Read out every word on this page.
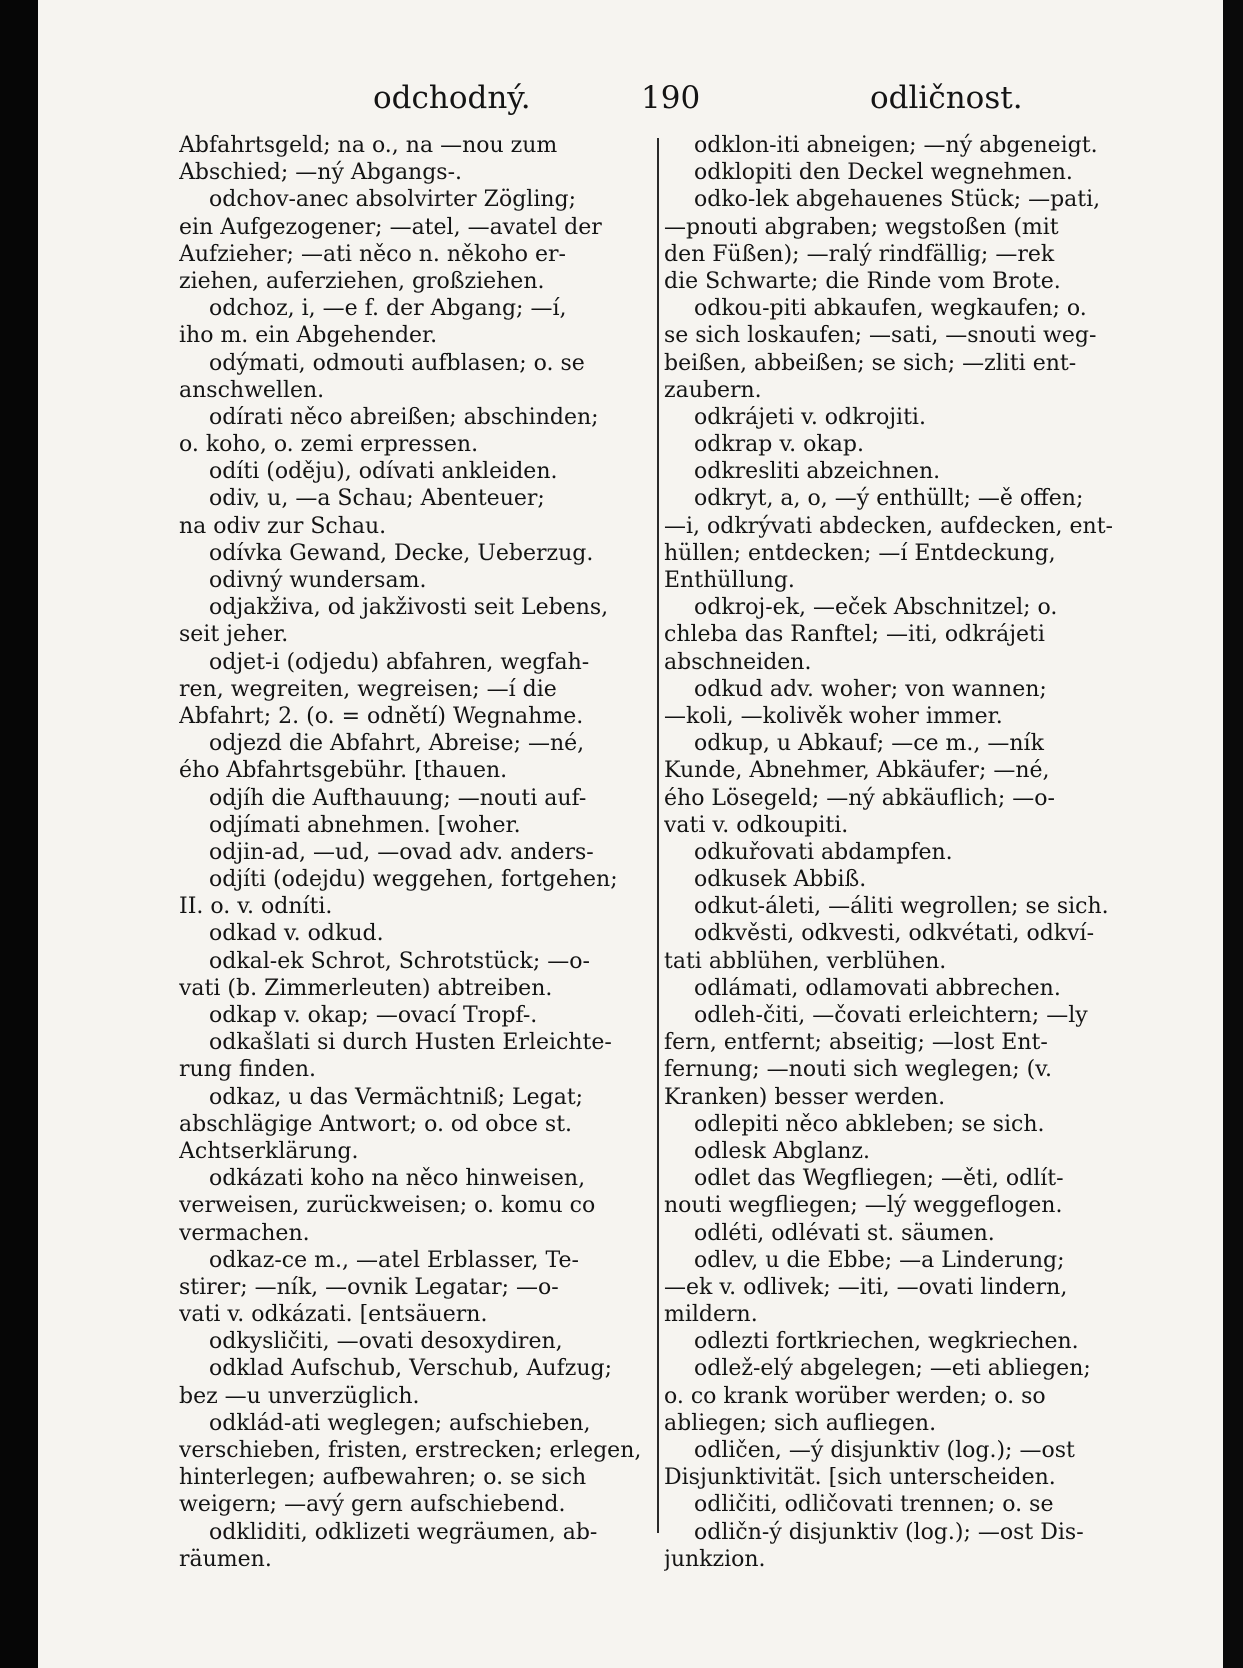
odchodný.	190	odličnost.
Abfahrtsgeld; na o., na —nou zum
Abschied; —ný Abgangs-.
odchov-anec absolvirter Zögling;
ein Aufgezogener; —atel, —avatel der
Aufzieher; —ati něco n. někoho er-
ziehen, auferziehen, großziehen.
odchoz, i, —e f. der Abgang; —í,
iho m. ein Abgehender.
odýmati, odmouti aufblasen; o. se
anschwellen.
odírati něco abreißen; abschinden;
o. koho, o. zemi erpressen.
odíti (oděju), odívati ankleiden.
odiv, u, —a Schau; Abenteuer;
na odiv zur Schau.
odívka Gewand, Decke, Ueberzug.
odivný wundersam.
odjakživa, od jakživosti seit Lebens,
seit jeher.
odjet-i (odjedu) abfahren, wegfah-
ren, wegreiten, wegreisen; —í die
Abfahrt; 2. (o. = odnětí) Wegnahme.
odjezd die Abfahrt, Abreise; —né,
ého Abfahrtsgebühr. [thauen.
odjíh die Aufthauung; —nouti auf-
odjímati abnehmen. [woher.
odjin-ad, —ud, —ovad adv. anders-
odjíti (odejdu) weggehen, fortgehen;
II. o. v. odníti.
odkad v. odkud.
odkal-ek Schrot, Schrotstück; —o-
vati (b. Zimmerleuten) abtreiben.
odkap v. okap; —ovací Tropf-.
odkašlati si durch Husten Erleichte-
rung finden.
odkaz, u das Vermächtniß; Legat;
abschlägige Antwort; o. od obce st.
Achtserklärung.
odkázati koho na něco hinweisen,
verweisen, zurückweisen; o. komu co
vermachen.
odkaz-ce m., —atel Erblasser, Te-
stirer; —ník, —ovnik Legatar; —o-
vati v. odkázati. [entsäuern.
odkysličiti, —ovati desoxydiren,
odklad Aufschub, Verschub, Aufzug;
bez —u unverzüglich.
odklád-ati weglegen; aufschieben,
verschieben, fristen, erstrecken; erlegen,
hinterlegen; aufbewahren; o. se sich
weigern; —avý gern aufschiebend.
odkliditi, odklizeti wegräumen, ab-
räumen.
odklon-iti abneigen; —ný abgeneigt.
odklopiti den Deckel wegnehmen.
odko-lek abgehauenes Stück; —pati,
—pnouti abgraben; wegstoßen (mit
den Füßen); —ralý rindfällig; —rek
die Schwarte; die Rinde vom Brote.
odkou-piti abkaufen, wegkaufen; o.
se sich loskaufen; —sati, —snouti weg-
beißen, abbeißen; se sich; —zliti ent-
zaubern.
odkrájeti v. odkrojiti.
odkrap v. okap.
odkresliti abzeichnen.
odkryt, a, o, —ý enthüllt; —ě offen;
—i, odkrývati abdecken, aufdecken, ent-
hüllen; entdecken; —í Entdeckung,
Enthüllung.
odkroj-ek, —eček Abschnitzel; o.
chleba das Ranftel; —iti, odkrájeti
abschneiden.
odkud adv. woher; von wannen;
—koli, —kolivěk woher immer.
odkup, u Abkauf; —ce m., —ník
Kunde, Abnehmer, Abkäufer; —né,
ého Lösegeld; —ný abkäuflich; —o-
vati v. odkoupiti.
odkuřovati abdampfen.
odkusek Abbiß.
odkut-áleti, —áliti wegrollen; se sich.
odkvěsti, odkvesti, odkvétati, odkví-
tati abblühen, verblühen.
odlámati, odlamovati abbrechen.
odleh-čiti, —čovati erleichtern; —ly
fern, entfernt; abseitig; —lost Ent-
fernung; —nouti sich weglegen; (v.
Kranken) besser werden.
odlepiti něco abkleben; se sich.
odlesk Abglanz.
odlet das Wegfliegen; —ěti, odlít-
nouti wegfliegen; —lý weggeflogen.
odléti, odlévati st. säumen.
odlev, u die Ebbe; —a Linderung;
—ek v. odlivek; —iti, —ovati lindern,
mildern.
odlezti fortkriechen, wegkriechen.
odlež-elý abgelegen; —eti abliegen;
o. co krank worüber werden; o. so
abliegen; sich aufliegen.
odličen, —ý disjunktiv (log.); —ost
Disjunktivität. [sich unterscheiden.
odličiti, odličovati trennen; o. se
odličn-ý disjunktiv (log.); —ost Dis-
junkzion.
